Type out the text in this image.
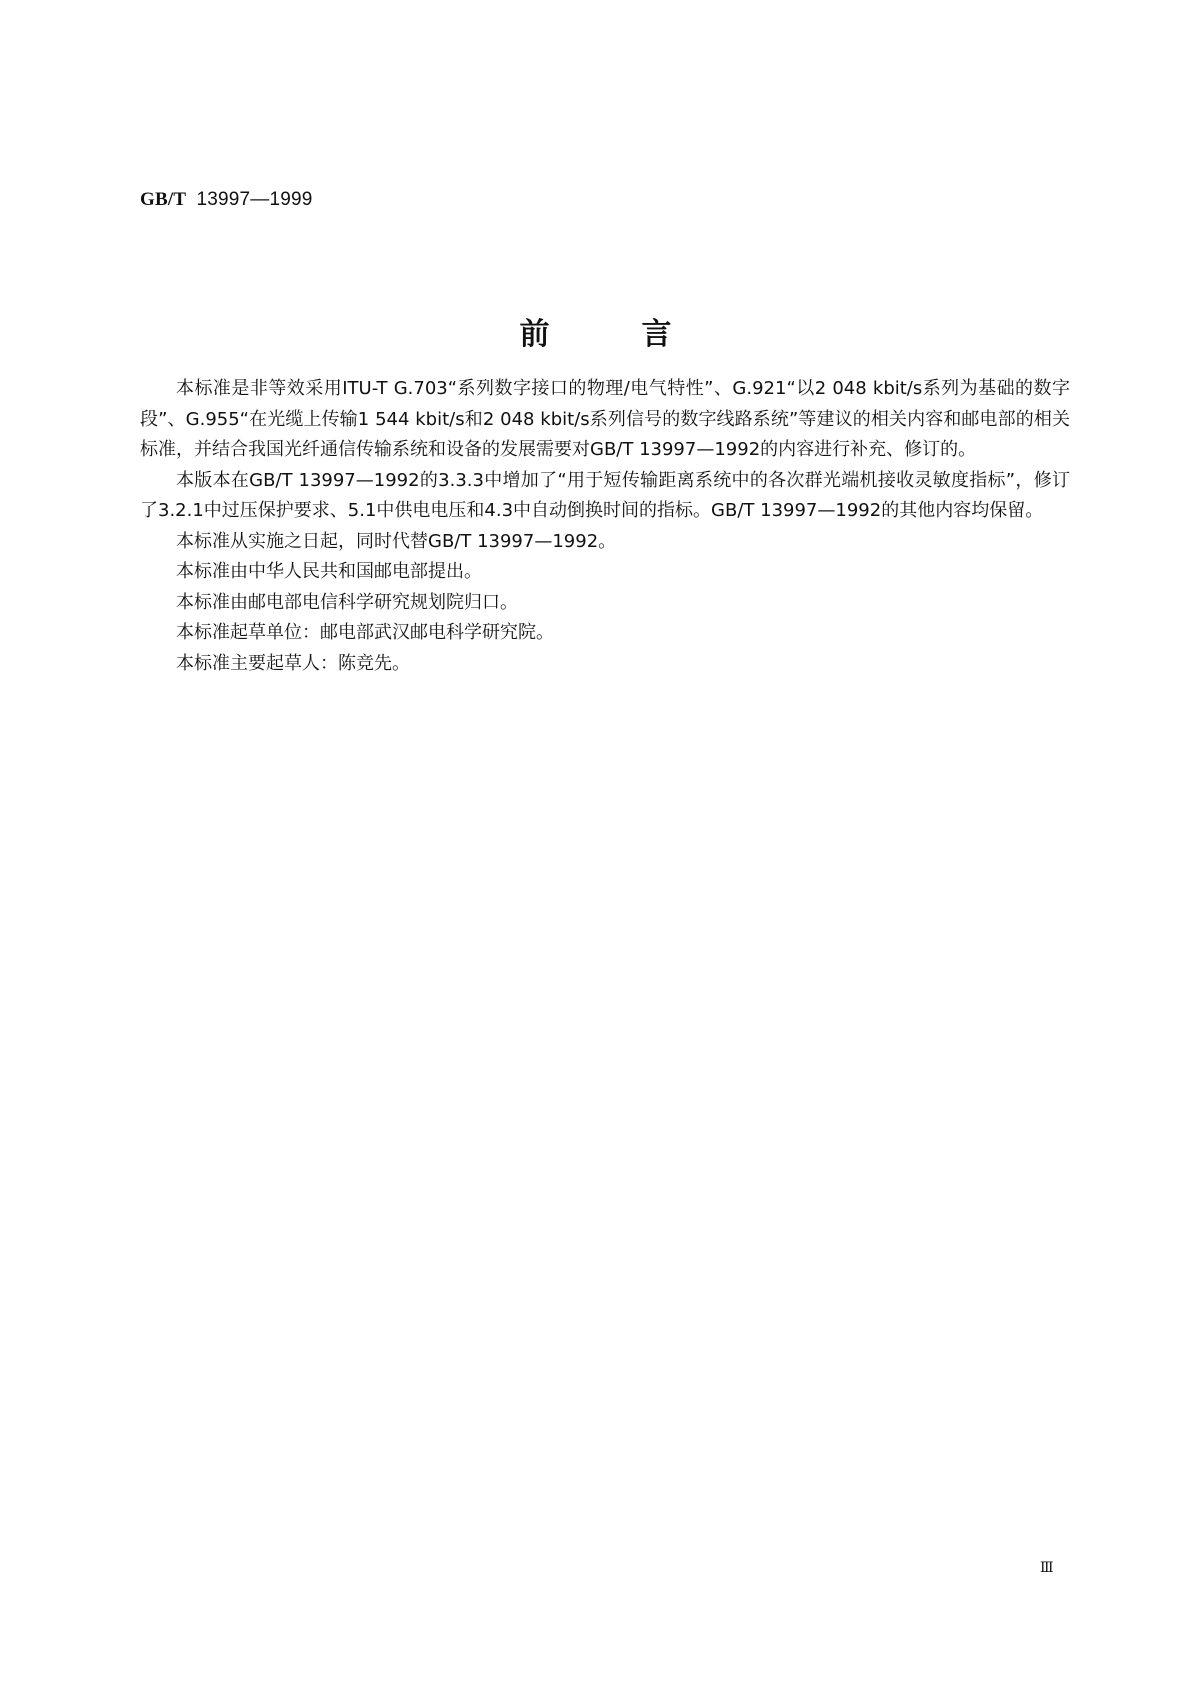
GB/T 13997—1999
前言

本标准是非等效采用ITU-T G.703“系列数字接口的物理/电气特性”、G.921“以2 048 kbit/s系列为基础的数字段”、G.955“在光缆上传输1 544 kbit/s和2 048 kbit/s系列信号的数字线路系统”等建议的相关内容和邮电部的相关标准，并结合我国光纤通信传输系统和设备的发展需要对GB/T 13997—1992的内容进行补充、修订的。

本版本在GB/T 13997—1992的3.3.3中增加了“用于短传输距离系统中的各次群光端机接收灵敏度指标”，修订了3.2.1中过压保护要求、5.1中供电电压和4.3中自动倒换时间的指标。GB/T 13997—1992的其他内容均保留。

本标准从实施之日起，同时代替GB/T 13997—1992。

本标准由中华人民共和国邮电部提出。

本标准由邮电部电信科学研究规划院归口。

本标准起草单位：邮电部武汉邮电科学研究院。

本标准主要起草人：陈竞先。

Ⅲ
